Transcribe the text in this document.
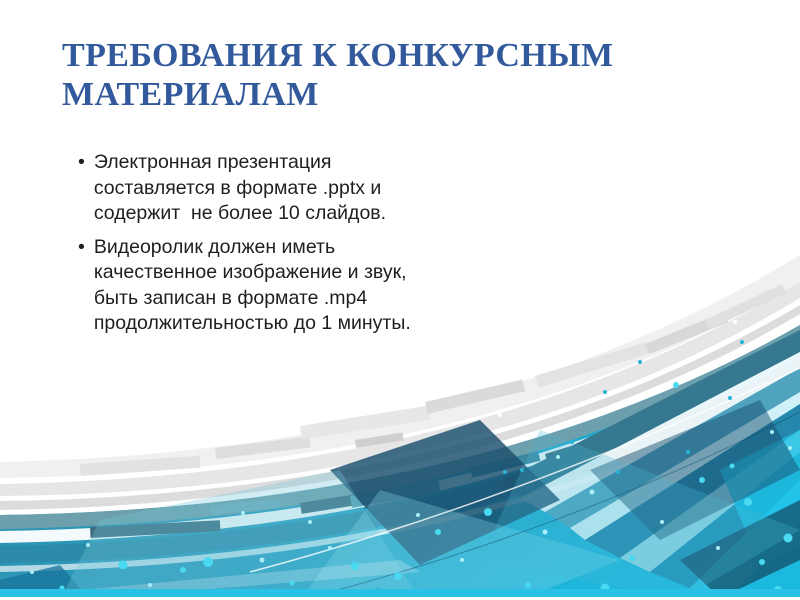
ТРЕБОВАНИЯ К КОНКУРСНЫМ
МАТЕРИАЛАМ
• Электронная презентация
составляется в формате .pptx и
содержит  не более 10 слайдов.
• Видеоролик должен иметь
качественное изображение и звук,
быть записан в формате .mp4
продолжительностью до 1 минуты.
